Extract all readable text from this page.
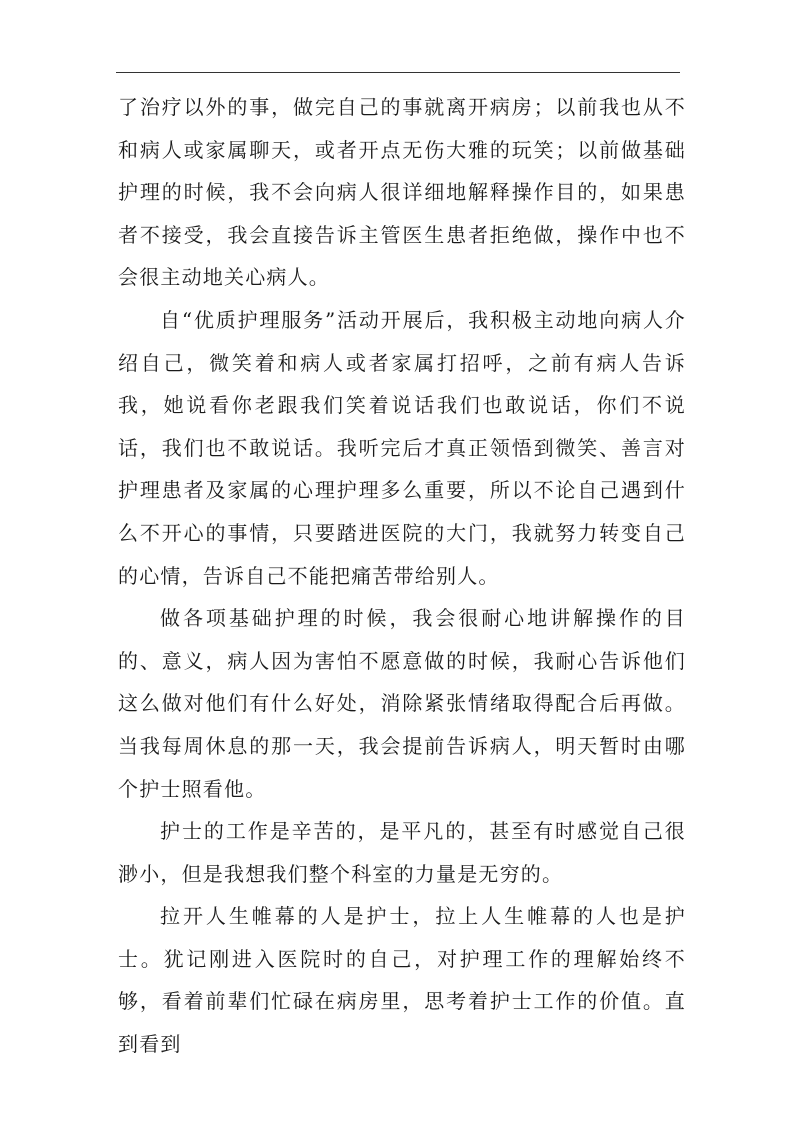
了治疗以外的事，做完自己的事就离开病房；以前我也从不和病人或家属聊天，或者开点无伤大雅的玩笑；以前做基础护理的时候，我不会向病人很详细地解释操作目的，如果患者不接受，我会直接告诉主管医生患者拒绝做，操作中也不会很主动地关心病人。

自“优质护理服务”活动开展后，我积极主动地向病人介绍自己，微笑着和病人或者家属打招呼，之前有病人告诉我，她说看你老跟我们笑着说话我们也敢说话，你们不说话，我们也不敢说话。我听完后才真正领悟到微笑、善言对护理患者及家属的心理护理多么重要，所以不论自己遇到什么不开心的事情，只要踏进医院的大门，我就努力转变自己的心情，告诉自己不能把痛苦带给别人。

做各项基础护理的时候，我会很耐心地讲解操作的目的、意义，病人因为害怕不愿意做的时候，我耐心告诉他们这么做对他们有什么好处，消除紧张情绪取得配合后再做。当我每周休息的那一天，我会提前告诉病人，明天暂时由哪个护士照看他。

护士的工作是辛苦的，是平凡的，甚至有时感觉自己很渺小，但是我想我们整个科室的力量是无穷的。

拉开人生帷幕的人是护士，拉上人生帷幕的人也是护士。犹记刚进入医院时的自己，对护理工作的理解始终不够，看着前辈们忙碌在病房里，思考着护士工作的价值。直到看到
